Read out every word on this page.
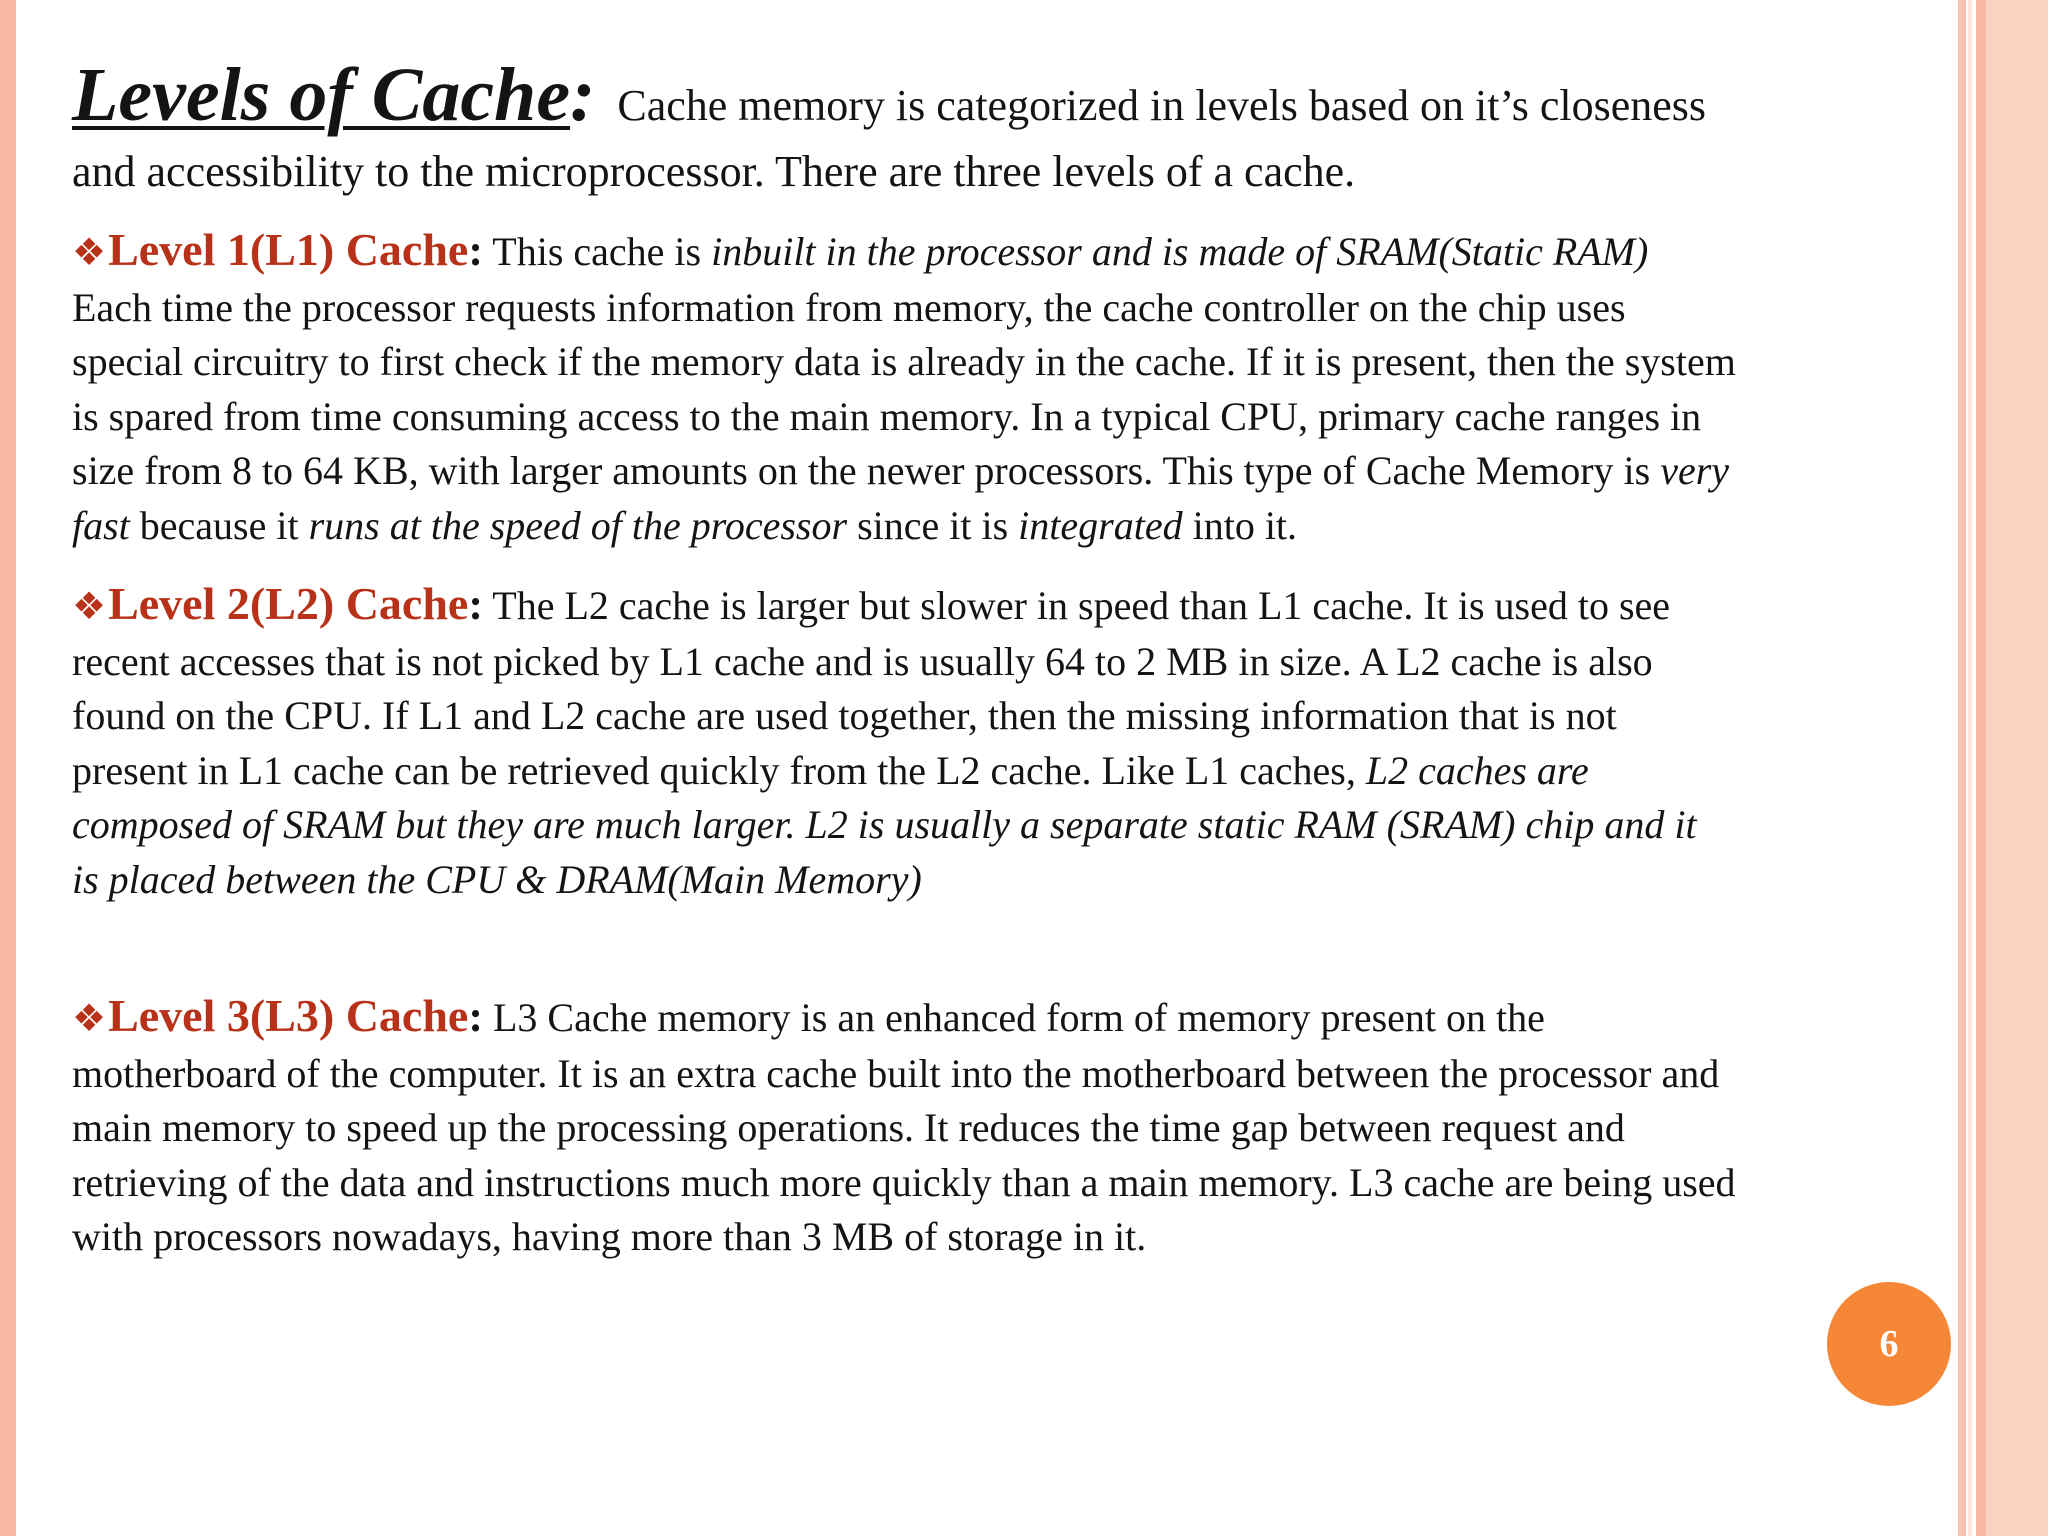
Levels of Cache: Cache memory is categorized in levels based on it’s closeness
and accessibility to the microprocessor. There are three levels of a cache.

❖Level 1(L1) Cache: This cache is inbuilt in the processor and is made of SRAM(Static RAM)
Each time the processor requests information from memory, the cache controller on the chip uses
special circuitry to first check if the memory data is already in the cache. If it is present, then the system
is spared from time consuming access to the main memory. In a typical CPU, primary cache ranges in
size from 8 to 64 KB, with larger amounts on the newer processors. This type of Cache Memory is very
fast because it runs at the speed of the processor since it is integrated into it.

❖Level 2(L2) Cache: The L2 cache is larger but slower in speed than L1 cache. It is used to see
recent accesses that is not picked by L1 cache and is usually 64 to 2 MB in size. A L2 cache is also
found on the CPU. If L1 and L2 cache are used together, then the missing information that is not
present in L1 cache can be retrieved quickly from the L2 cache. Like L1 caches, L2 caches are
composed of SRAM but they are much larger. L2 is usually a separate static RAM (SRAM) chip and it
is placed between the CPU & DRAM(Main Memory)

❖Level 3(L3) Cache: L3 Cache memory is an enhanced form of memory present on the
motherboard of the computer. It is an extra cache built into the motherboard between the processor and
main memory to speed up the processing operations. It reduces the time gap between request and
retrieving of the data and instructions much more quickly than a main memory. L3 cache are being used
with processors nowadays, having more than 3 MB of storage in it.

6
